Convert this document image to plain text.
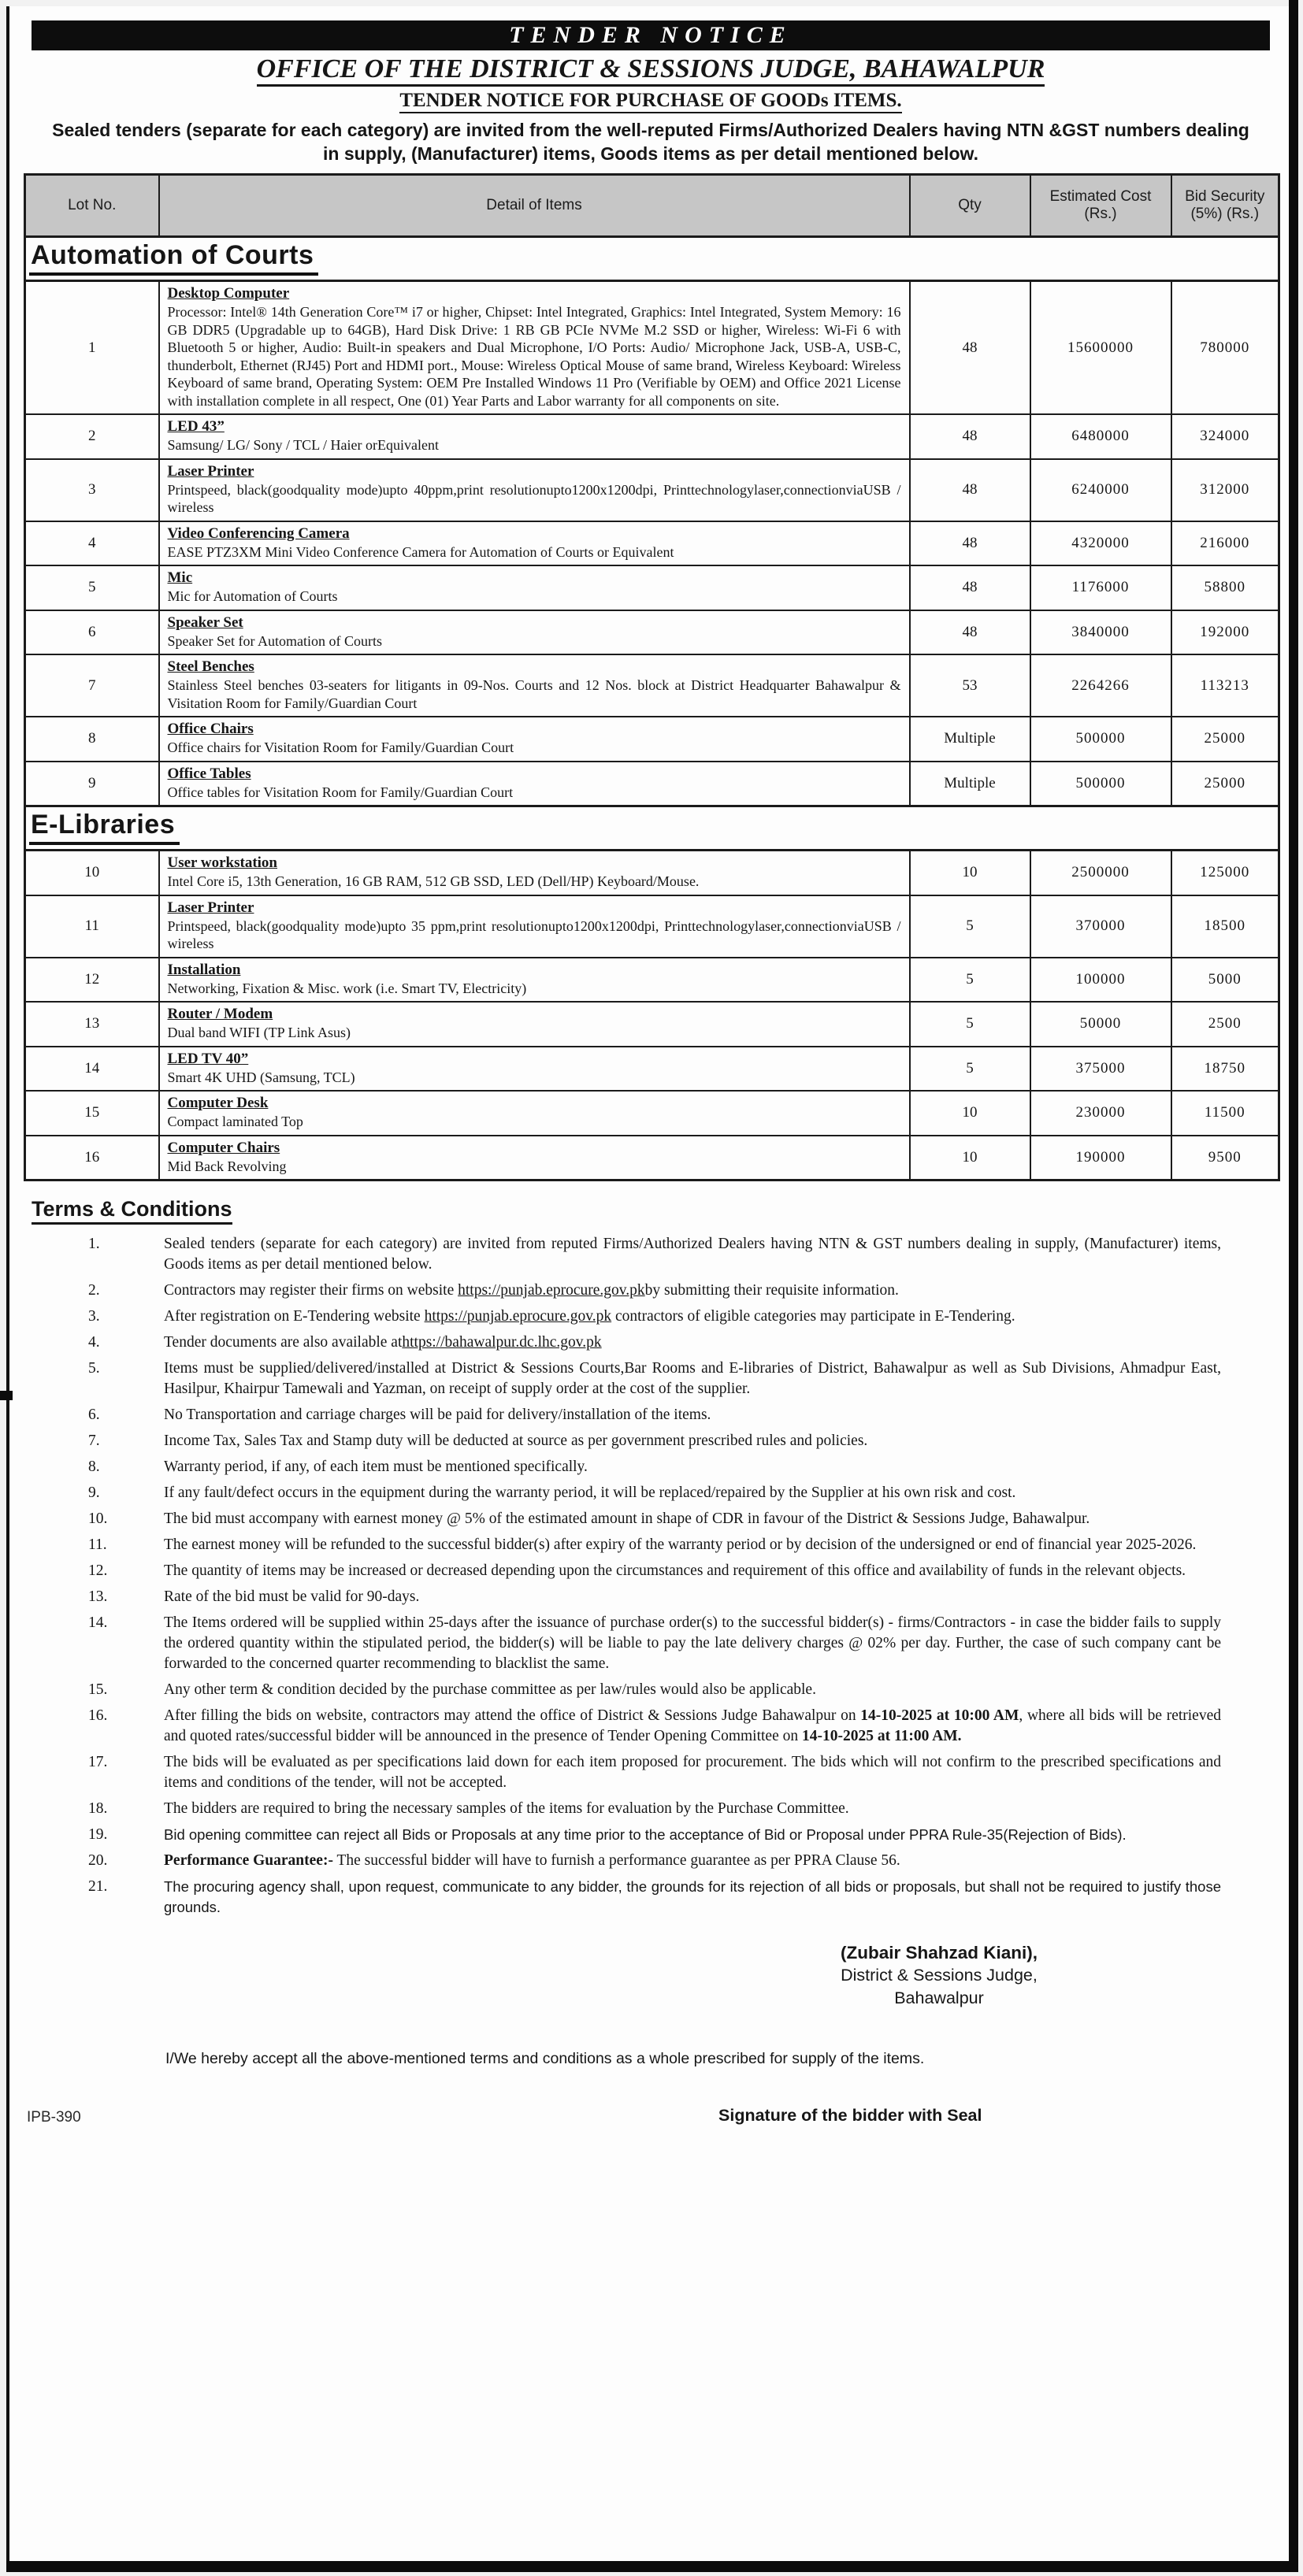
TENDER NOTICE
OFFICE OF THE DISTRICT & SESSIONS JUDGE, BAHAWALPUR
TENDER NOTICE FOR PURCHASE OF GOODs ITEMS.

Sealed tenders (separate for each category) are invited from the well-reputed Firms/Authorized Dealers having NTN &GST numbers dealing in supply, (Manufacturer) items, Goods items as per detail mentioned below.

Lot No.	Detail of Items	Qty	Estimated Cost (Rs.)	Bid Security (5%) (Rs.)
Automation of Courts				
1	Desktop Computer
Processor: Intel® 14th Generation Core™ i7 or higher, Chipset: Intel Integrated, Graphics: Intel Integrated, System Memory: 16 GB DDR5 (Upgradable up to 64GB), Hard Disk Drive: 1 RB GB PCIe NVMe M.2 SSD or higher, Wireless: Wi-Fi 6 with Bluetooth 5 or higher, Audio: Built-in speakers and Dual Microphone, I/O Ports: Audio/ Microphone Jack, USB-A, USB-C, thunderbolt, Ethernet (RJ45) Port and HDMI port., Mouse: Wireless Optical Mouse of same brand, Wireless Keyboard: Wireless Keyboard of same brand, Operating System: OEM Pre Installed Windows 11 Pro (Verifiable by OEM) and Office 2021 License with installation complete in all respect, One (01) Year Parts and Labor warranty for all components on site.	48	15600000	780000
2	LED 43”
Samsung/ LG/ Sony / TCL / Haier orEquivalent	48	6480000	324000
3	Laser Printer
Printspeed, black(goodquality mode)upto 40ppm,print resolutionupto1200x1200dpi, Printtechnologylaser,connectionviaUSB / wireless	48	6240000	312000
4	Video Conferencing Camera
EASE PTZ3XM Mini Video Conference Camera for Automation of Courts or Equivalent	48	4320000	216000
5	Mic
Mic for Automation of Courts	48	1176000	58800
6	Speaker Set
Speaker Set for Automation of Courts	48	3840000	192000
7	Steel Benches
Stainless Steel benches 03-seaters for litigants in 09-Nos. Courts and 12 Nos. block at District Headquarter Bahawalpur & Visitation Room for Family/Guardian Court	53	2264266	113213
8	Office Chairs
Office chairs for Visitation Room for Family/Guardian Court	Multiple	500000	25000
9	Office Tables
Office tables for Visitation Room for Family/Guardian Court	Multiple	500000	25000
E-Libraries				
10	User workstation
Intel Core i5, 13th Generation, 16 GB RAM, 512 GB SSD, LED (Dell/HP) Keyboard/Mouse.	10	2500000	125000
11	Laser Printer
Printspeed, black(goodquality mode)upto 35 ppm,print resolutionupto1200x1200dpi, Printtechnologylaser,connectionviaUSB / wireless	5	370000	18500
12	Installation
Networking, Fixation & Misc. work (i.e. Smart TV, Electricity)	5	100000	5000
13	Router / Modem
Dual band WIFI (TP Link Asus)	5	50000	2500
14	LED TV 40”
Smart 4K UHD (Samsung, TCL)	5	375000	18750
15	Computer Desk
Compact laminated Top	10	230000	11500
16	Computer Chairs
Mid Back Revolving	10	190000	9500
Terms & Conditions
1.	Sealed tenders (separate for each category) are invited from reputed Firms/Authorized Dealers having NTN & GST numbers dealing in supply, (Manufacturer) items, Goods items as per detail mentioned below.
2.	Contractors may register their firms on website https://punjab.eprocure.gov.pkby submitting their requisite information.
3.	After registration on E-Tendering website https://punjab.eprocure.gov.pk contractors of eligible categories may participate in E-Tendering.
4.	Tender documents are also available athttps://bahawalpur.dc.lhc.gov.pk
5.	Items must be supplied/delivered/installed at District & Sessions Courts,Bar Rooms and E-libraries of District, Bahawalpur as well as Sub Divisions, Ahmadpur East, Hasilpur, Khairpur Tamewali and Yazman, on receipt of supply order at the cost of the supplier.
6.	No Transportation and carriage charges will be paid for delivery/installation of the items.
7.	Income Tax, Sales Tax and Stamp duty will be deducted at source as per government prescribed rules and policies.
8.	Warranty period, if any, of each item must be mentioned specifically.
9.	If any fault/defect occurs in the equipment during the warranty period, it will be replaced/repaired by the Supplier at his own risk and cost.
10.	The bid must accompany with earnest money @ 5% of the estimated amount in shape of CDR in favour of the District & Sessions Judge, Bahawalpur.
11.	The earnest money will be refunded to the successful bidder(s) after expiry of the warranty period or by decision of the undersigned or end of financial year 2025-2026.
12.	The quantity of items may be increased or decreased depending upon the circumstances and requirement of this office and availability of funds in the relevant objects.
13.	Rate of the bid must be valid for 90-days.
14.	The Items ordered will be supplied within 25-days after the issuance of purchase order(s) to the successful bidder(s) - firms/Contractors - in case the bidder fails to supply the ordered quantity within the stipulated period, the bidder(s) will be liable to pay the late delivery charges @ 02% per day. Further, the case of such company cant be forwarded to the concerned quarter recommending to blacklist the same.
15.	Any other term & condition decided by the purchase committee as per law/rules would also be applicable.
16.	After filling the bids on website, contractors may attend the office of District & Sessions Judge Bahawalpur on 14-10-2025 at 10:00 AM, where all bids will be retrieved and quoted rates/successful bidder will be announced in the presence of Tender Opening Committee on 14-10-2025 at 11:00 AM.
17.	The bids will be evaluated as per specifications laid down for each item proposed for procurement. The bids which will not confirm to the prescribed specifications and items and conditions of the tender, will not be accepted.
18.	The bidders are required to bring the necessary samples of the items for evaluation by the Purchase Committee.
19.	Bid opening committee can reject all Bids or Proposals at any time prior to the acceptance of Bid or Proposal under PPRA Rule-35(Rejection of Bids).
20.	Performance Guarantee:- The successful bidder will have to furnish a performance guarantee as per PPRA Clause 56.
21.	The procuring agency shall, upon request, communicate to any bidder, the grounds for its rejection of all bids or proposals, but shall not be required to justify those grounds.
(Zubair Shahzad Kiani),
District & Sessions Judge,
Bahawalpur

I/We hereby accept all the above-mentioned terms and conditions as a whole prescribed for supply of the items.

IPB-390	Signature of the bidder with Seal
